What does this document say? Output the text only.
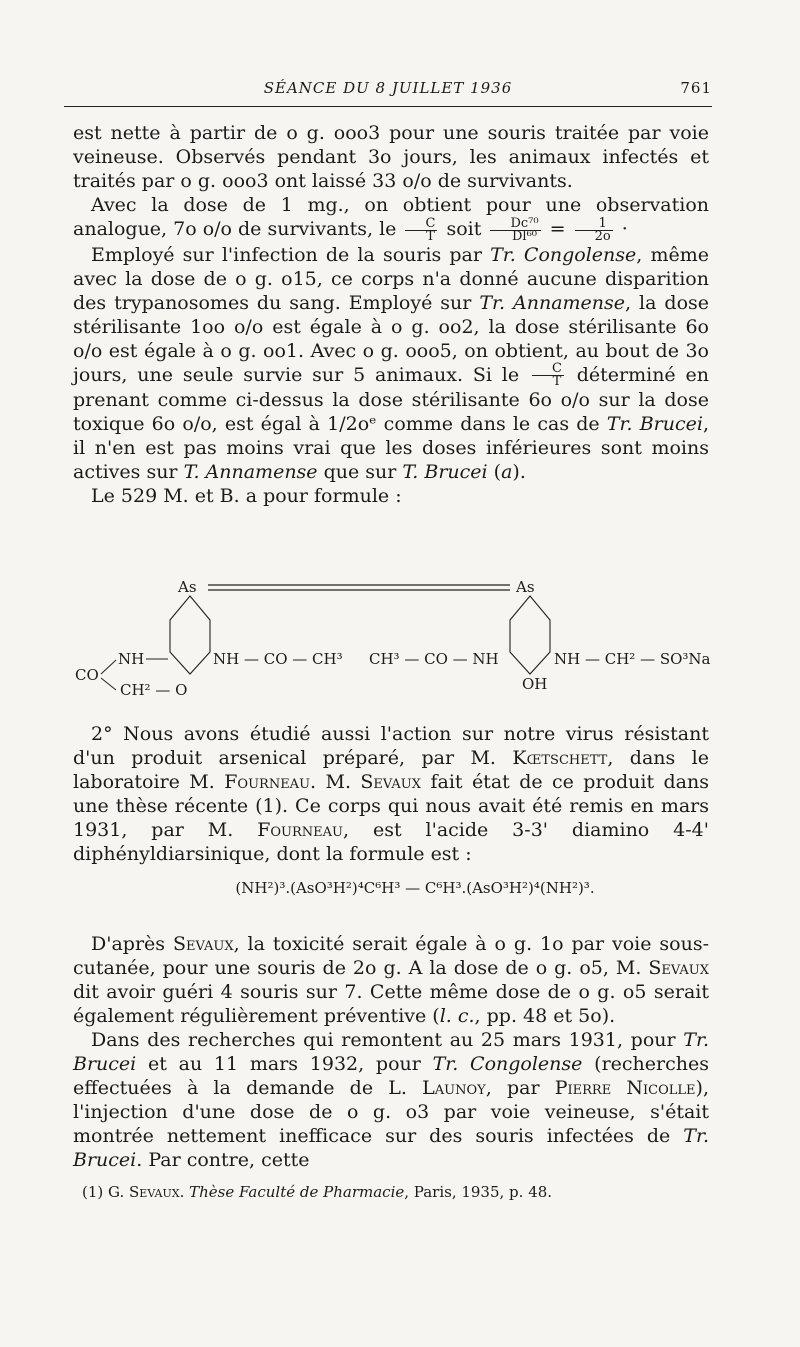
SÉANCE DU 8 JUILLET 1936	761

est nette à partir de o g. ooo3 pour une souris traitée par voie veineuse. Observés pendant 3o jours, les animaux infectés et traités par o g. ooo3 ont laissé 33 o/o de survivants.

Avec la dose de 1 mg., on obtient pour une observation analogue, 7o o/o de survivants, le $\frac{C}{T}$ soit $\frac{\text{Dc⁷⁰}}{\text{Dl⁶⁰}} = \frac{1}{2o}$ ·

Employé sur l'infection de la souris par Tr. Congolense, même avec la dose de o g. o15, ce corps n'a donné aucune disparition des trypanosomes du sang. Employé sur Tr. Annamense, la dose stérilisante 1oo o/o est égale à o g. oo2, la dose stérilisante 6o o/o est égale à o g. oo1. Avec o g. ooo5, on obtient, au bout de 3o jours, une seule survie sur 5 animaux. Si le $\frac{C}{T}$ déterminé en prenant comme ci-dessus la dose stérilisante 6o o/o sur la dose toxique 6o o/o, est égal à 1/2oᵉ comme dans le cas de Tr. Brucei, il n'en est pas moins vrai que les doses inférieures sont moins actives sur T. Annamense que sur T. Brucei (a).

Le 529 M. et B. a pour formule :

As	As
CO
NH
CH² — O
NH — CO — CH³ CH³ — CO — NH	NH — CH² — SO³Na
OH

2° Nous avons étudié aussi l'action sur notre virus résistant d'un produit arsenical préparé, par M. Kœtschett, dans le laboratoire M. Fourneau. M. Sevaux fait état de ce produit dans une thèse récente (1). Ce corps qui nous avait été remis en mars 1931, par M. Fourneau, est l'acide 3-3' diamino 4-4' diphényldiarsinique, dont la formule est :

(NH²)³.(AsO³H²)⁴C⁶H³ — C⁶H³.(AsO³H²)⁴(NH²)³.

D'après Sevaux, la toxicité serait égale à o g. 1o par voie sous-cutanée, pour une souris de 2o g. A la dose de o g. o5, M. Sevaux dit avoir guéri 4 souris sur 7. Cette même dose de o g. o5 serait également régulièrement préventive (l. c., pp. 48 et 5o).

Dans des recherches qui remontent au 25 mars 1931, pour Tr. Brucei et au 11 mars 1932, pour Tr. Congolense (recherches effectuées à la demande de L. Launoy, par Pierre Nicolle), l'injection d'une dose de o g. o3 par voie veineuse, s'était montrée nettement inefficace sur des souris infectées de Tr. Brucei. Par contre, cette

(1) G. Sevaux. Thèse Faculté de Pharmacie, Paris, 1935, p. 48.
